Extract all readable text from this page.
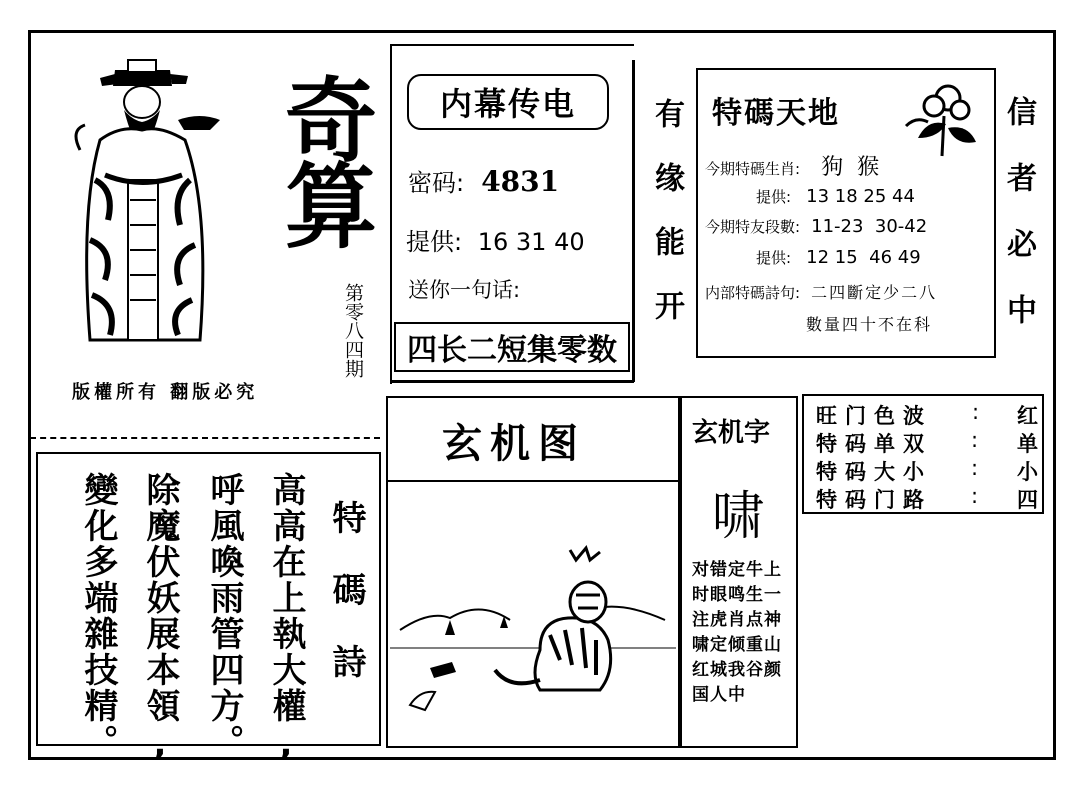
奇算
第零八四期
版權所有 翻版必究
内幕传电
密码: 4831
提供: 16 31 40
送你一句话:
四长二短集零数 有缘能开	信者必中
特碼天地
今期特碼生肖: 狗  猴
提供: 13 18 25 44
今期特友段數: 11-23  30-42
提供: 12 15  46 49
内部特碼詩句: 二四斷定少二八
數量四十不在科
特碼詩
高高在上執大權,
呼風喚雨管四方。
除魔伏妖展本領,
變化多端雜技精。
玄机图	玄机字
啸
对错定牛上时眼鸣生一注虎肖点神啸定倾重山红城我谷颜国人中
旺门色波 : 红
特码单双 : 单
特码大小 : 小
特码门路 : 四
